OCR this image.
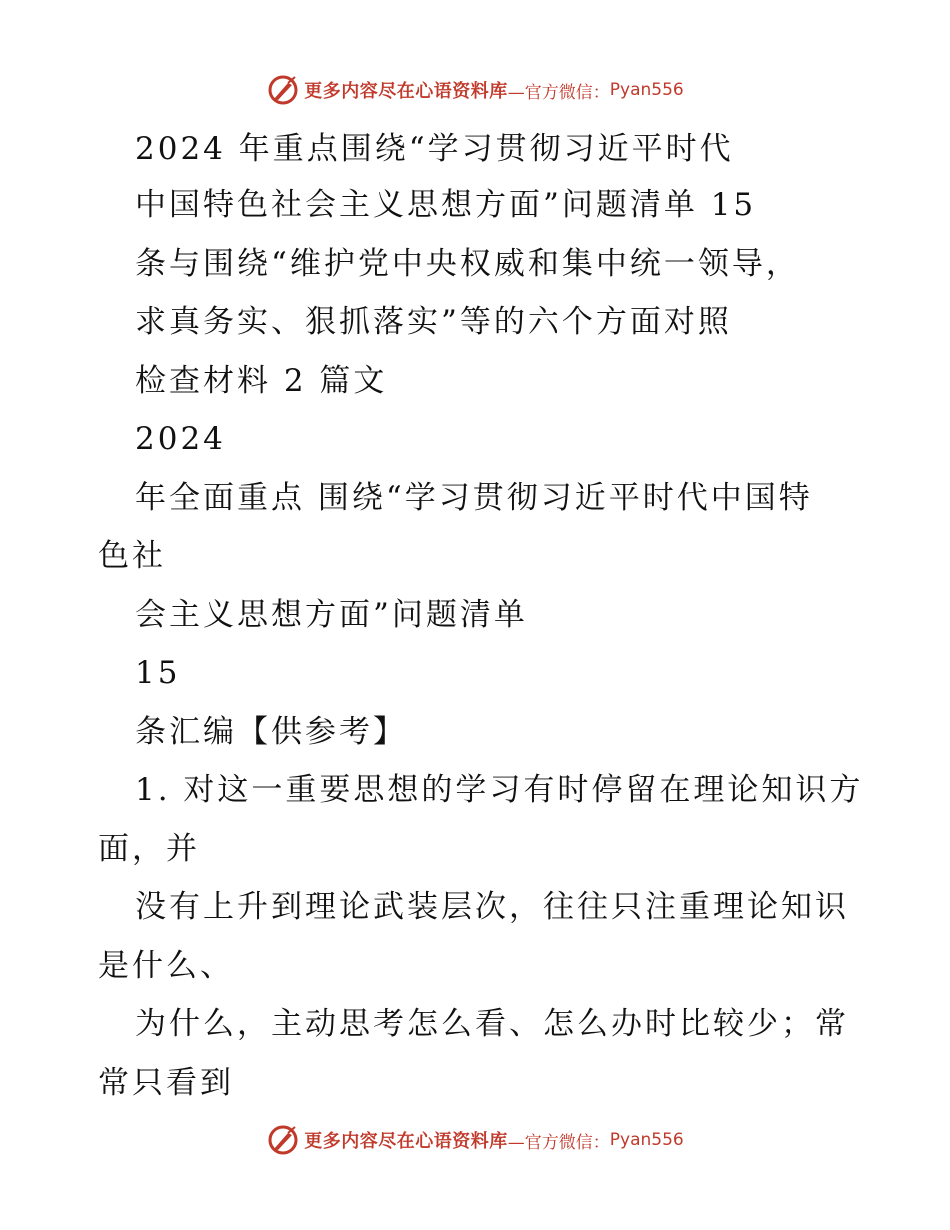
更多内容尽在心语资料库 —官方微信： Pyan556
2024 年重点围绕“学习贯彻习近平时代
中国特色社会主义思想方面”问题清单 15
条与围绕“维护党中央权威和集中统一领导，
求真务实、狠抓落实”等的六个方面对照
检查材料 2 篇文
2024
年全面重点 围绕“学习贯彻习近平时代中国特
色社
会主义思想方面”问题清单
15
条汇编【供参考】
1. 对这一重要思想的学习有时停留在理论知识方
面，并
没有上升到理论武装层次，往往只注重理论知识
是什么、
为什么，主动思考怎么看、怎么办时比较少；常
常只看到
更多内容尽在心语资料库 —官方微信： Pyan556
